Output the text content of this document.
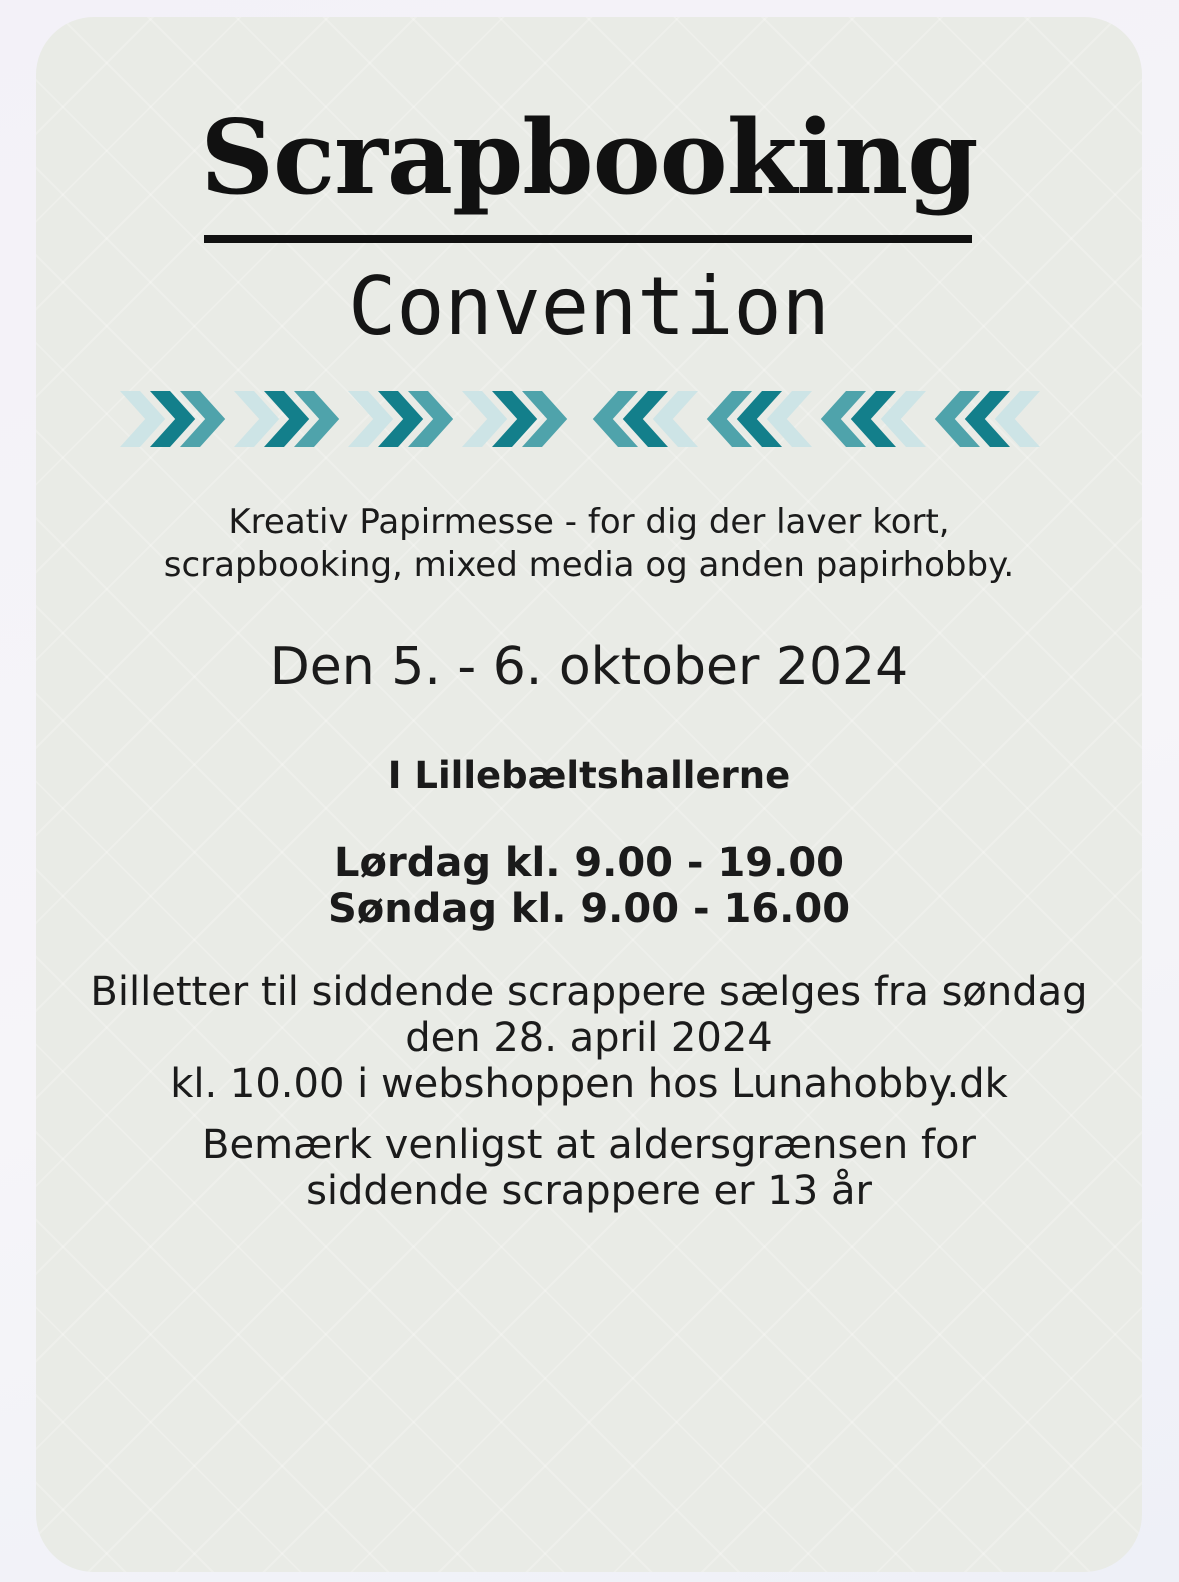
Scrapbooking
Convention
Kreativ Papirmesse - for dig der laver kort,
scrapbooking, mixed media og anden papirhobby.
Den 5. - 6. oktober 2024
I Lillebæltshallerne
Lørdag kl. 9.00 - 19.00
Søndag kl. 9.00 - 16.00
Billetter til siddende scrappere sælges fra søndag
den 28. april 2024
kl. 10.00 i webshoppen hos Lunahobby.dk
Bemærk venligst at aldersgrænsen for
siddende scrappere er 13 år
